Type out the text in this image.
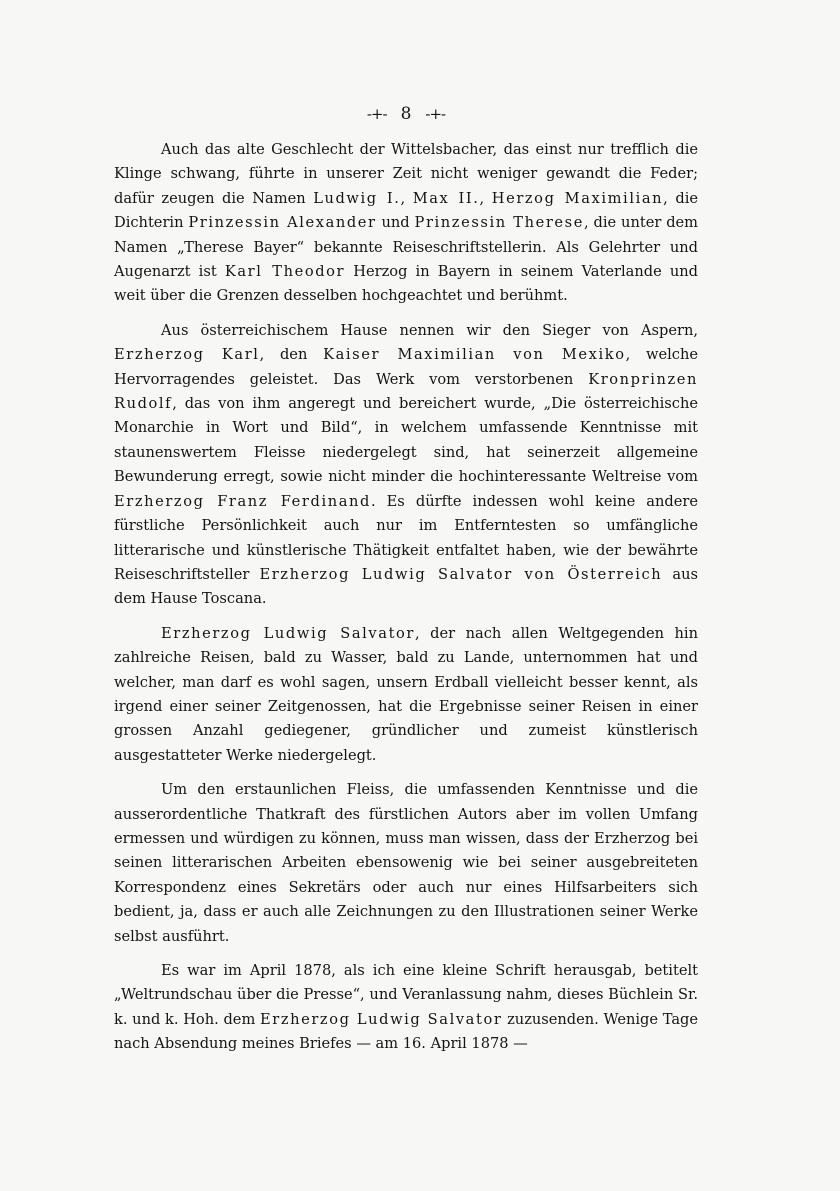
-+- 8 -+-

Auch das alte Geschlecht der Wittelsbacher, das einst nur trefflich die Klinge schwang, führte in unserer Zeit nicht weniger gewandt die Feder; dafür zeugen die Namen Ludwig I., Max II., Herzog Maximilian, die Dichterin Prinzessin Alexander und Prinzessin Therese, die unter dem Namen „Therese Bayer“ bekannte Reiseschriftstellerin. Als Gelehrter und Augenarzt ist Karl Theodor Herzog in Bayern in seinem Vaterlande und weit über die Grenzen desselben hochgeachtet und berühmt.

Aus österreichischem Hause nennen wir den Sieger von Aspern, Erzherzog Karl, den Kaiser Maximilian von Mexiko, welche Hervorragendes geleistet. Das Werk vom verstorbenen Kronprinzen Rudolf, das von ihm angeregt und bereichert wurde, „Die österreichische Monarchie in Wort und Bild“, in welchem umfassende Kenntnisse mit staunenswertem Fleisse niedergelegt sind, hat seinerzeit allgemeine Bewunderung erregt, sowie nicht minder die hochinteressante Weltreise vom Erzherzog Franz Ferdinand. Es dürfte indessen wohl keine andere fürstliche Persönlichkeit auch nur im Entferntesten so umfängliche litterarische und künstlerische Thätigkeit entfaltet haben, wie der bewährte Reiseschriftsteller Erzherzog Ludwig Salvator von Österreich aus dem Hause Toscana.

Erzherzog Ludwig Salvator, der nach allen Weltgegenden hin zahlreiche Reisen, bald zu Wasser, bald zu Lande, unternommen hat und welcher, man darf es wohl sagen, unsern Erdball vielleicht besser kennt, als irgend einer seiner Zeitgenossen, hat die Ergebnisse seiner Reisen in einer grossen Anzahl gediegener, gründlicher und zumeist künstlerisch ausgestatteter Werke niedergelegt.

Um den erstaunlichen Fleiss, die umfassenden Kenntnisse und die ausserordentliche Thatkraft des fürstlichen Autors aber im vollen Umfang ermessen und würdigen zu können, muss man wissen, dass der Erzherzog bei seinen litterarischen Arbeiten ebensowenig wie bei seiner ausgebreiteten Korrespondenz eines Sekretärs oder auch nur eines Hilfsarbeiters sich bedient, ja, dass er auch alle Zeichnungen zu den Illustrationen seiner Werke selbst ausführt.

Es war im April 1878, als ich eine kleine Schrift herausgab, betitelt „Weltrundschau über die Presse“, und Veranlassung nahm, dieses Büchlein Sr. k. und k. Hoh. dem Erzherzog Ludwig Salvator zuzusenden. Wenige Tage nach Absendung meines Briefes — am 16. April 1878 —
